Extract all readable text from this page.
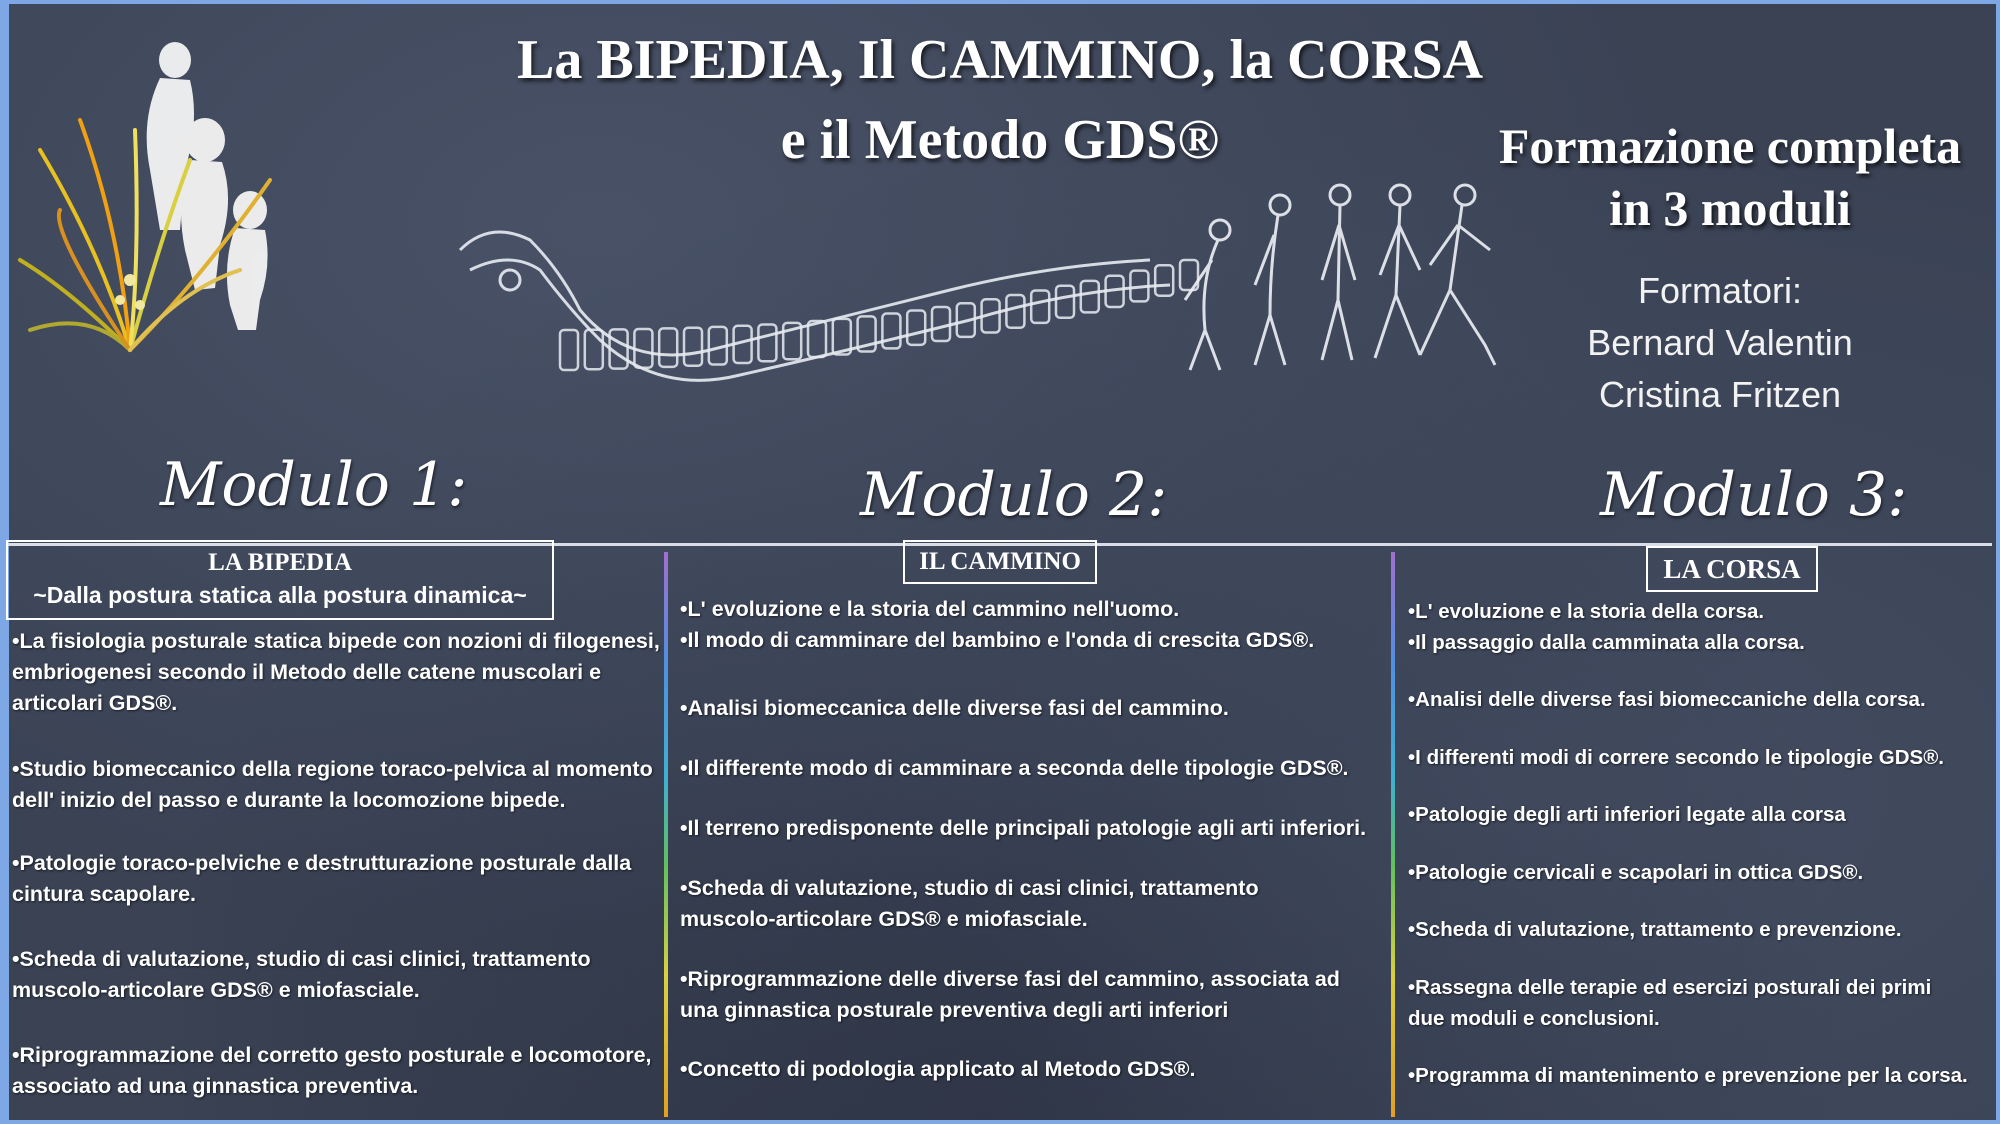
La BIPEDIA, Il CAMMINO, la CORSA
e il Metodo GDS®	Formazione completa
in 3 moduli
Formatori:
Bernard Valentin
Cristina Fritzen
Modulo 1:	Modulo 2:	Modulo 3:
LA BIPEDIA
~Dalla postura statica alla postura dinamica~
IL CAMMINO	LA CORSA

•La fisiologia posturale statica bipede con nozioni di filogenesi, embriogenesi secondo il Metodo delle catene muscolari e articolari GDS®.

•Studio biomeccanico della regione toraco-pelvica al momento dell' inizio del passo e durante la locomozione bipede.

•Patologie toraco-pelviche e destrutturazione posturale dalla cintura scapolare.

•Scheda di valutazione, studio di casi clinici, trattamento muscolo-articolare GDS® e miofasciale.

•Riprogrammazione del corretto gesto posturale e locomotore, associato ad una ginnastica preventiva.

•L' evoluzione e la storia del cammino nell'uomo.

•Il modo di camminare del bambino e l'onda di crescita GDS®.

•Analisi biomeccanica delle diverse fasi del cammino.

•Il differente modo di camminare a seconda delle tipologie GDS®.

•Il terreno predisponente delle principali patologie agli arti inferiori.

•Scheda di valutazione, studio di casi clinici, trattamento muscolo-articolare GDS® e miofasciale.

•Riprogrammazione delle diverse fasi del cammino, associata ad una ginnastica posturale preventiva degli arti inferiori

•Concetto di podologia applicato al Metodo GDS®.

•L' evoluzione e la storia della corsa.

•Il passaggio dalla camminata alla corsa.

•Analisi delle diverse fasi biomeccaniche della corsa.

•I differenti modi di correre secondo le tipologie GDS®.

•Patologie degli arti inferiori legate alla corsa

•Patologie cervicali e scapolari in ottica GDS®.

•Scheda di valutazione, trattamento e prevenzione.

•Rassegna delle terapie ed esercizi posturali dei primi due moduli e conclusioni.

•Programma di mantenimento e prevenzione per la corsa.
